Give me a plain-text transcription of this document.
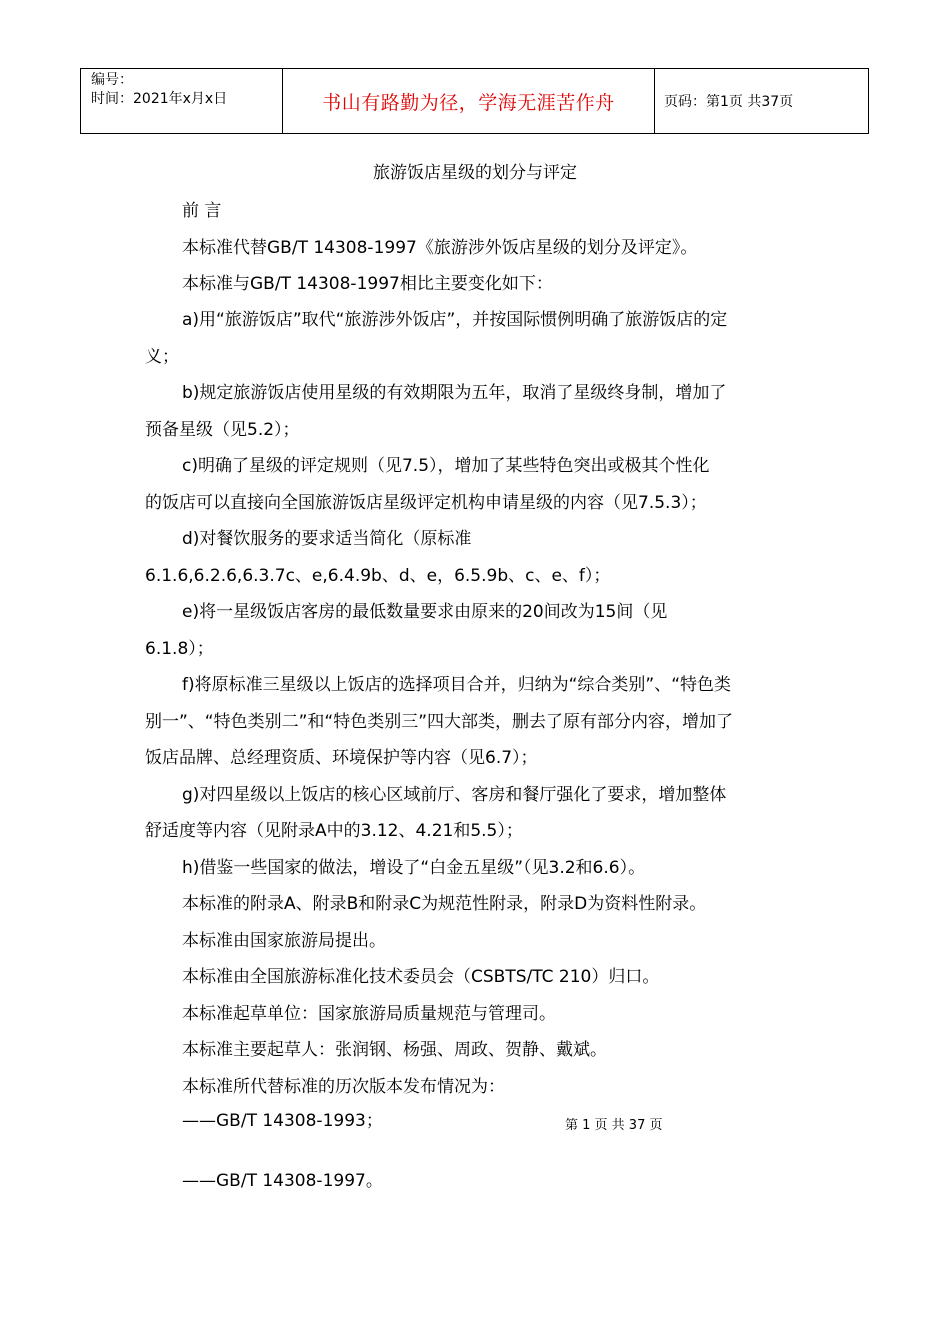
编号：
时间：2021年x月x日	书山有路勤为径，学海无涯苦作舟	页码：第1页 共37页
旅游饭店星级的划分与评定
前 言
本标准代替GB/T 14308-1997《旅游涉外饭店星级的划分及评定》。
本标准与GB/T 14308-1997相比主要变化如下：
a)用“旅游饭店”取代“旅游涉外饭店”，并按国际惯例明确了旅游饭店的定
义；
b)规定旅游饭店使用星级的有效期限为五年，取消了星级终身制，增加了
预备星级（见5.2）；
c)明确了星级的评定规则（见7.5），增加了某些特色突出或极其个性化
的饭店可以直接向全国旅游饭店星级评定机构申请星级的内容（见7.5.3）；
d)对餐饮服务的要求适当简化（原标准
6.1.6,6.2.6,6.3.7c、e,6.4.9b、d、e，6.5.9b、c、e、f）；
e)将一星级饭店客房的最低数量要求由原来的20间改为15间（见
6.1.8）；
f)将原标准三星级以上饭店的选择项目合并，归纳为“综合类别”、“特色类
别一”、“特色类别二”和“特色类别三”四大部类，删去了原有部分内容，增加了
饭店品牌、总经理资质、环境保护等内容（见6.7）；
g)对四星级以上饭店的核心区域前厅、客房和餐厅强化了要求，增加整体
舒适度等内容（见附录A中的3.12、4.21和5.5）；
h)借鉴一些国家的做法，增设了“白金五星级”（见3.2和6.6）。
本标准的附录A、附录B和附录C为规范性附录，附录D为资料性附录。
本标准由国家旅游局提出。
本标准由全国旅游标准化技术委员会（CSBTS/TC 210）归口。
本标准起草单位：国家旅游局质量规范与管理司。
本标准主要起草人：张润钢、杨强、周政、贺静、戴斌。
本标准所代替标准的历次版本发布情况为：
——GB/T 14308-1993；
——GB/T 14308-1997。
第 1 页 共 37 页
